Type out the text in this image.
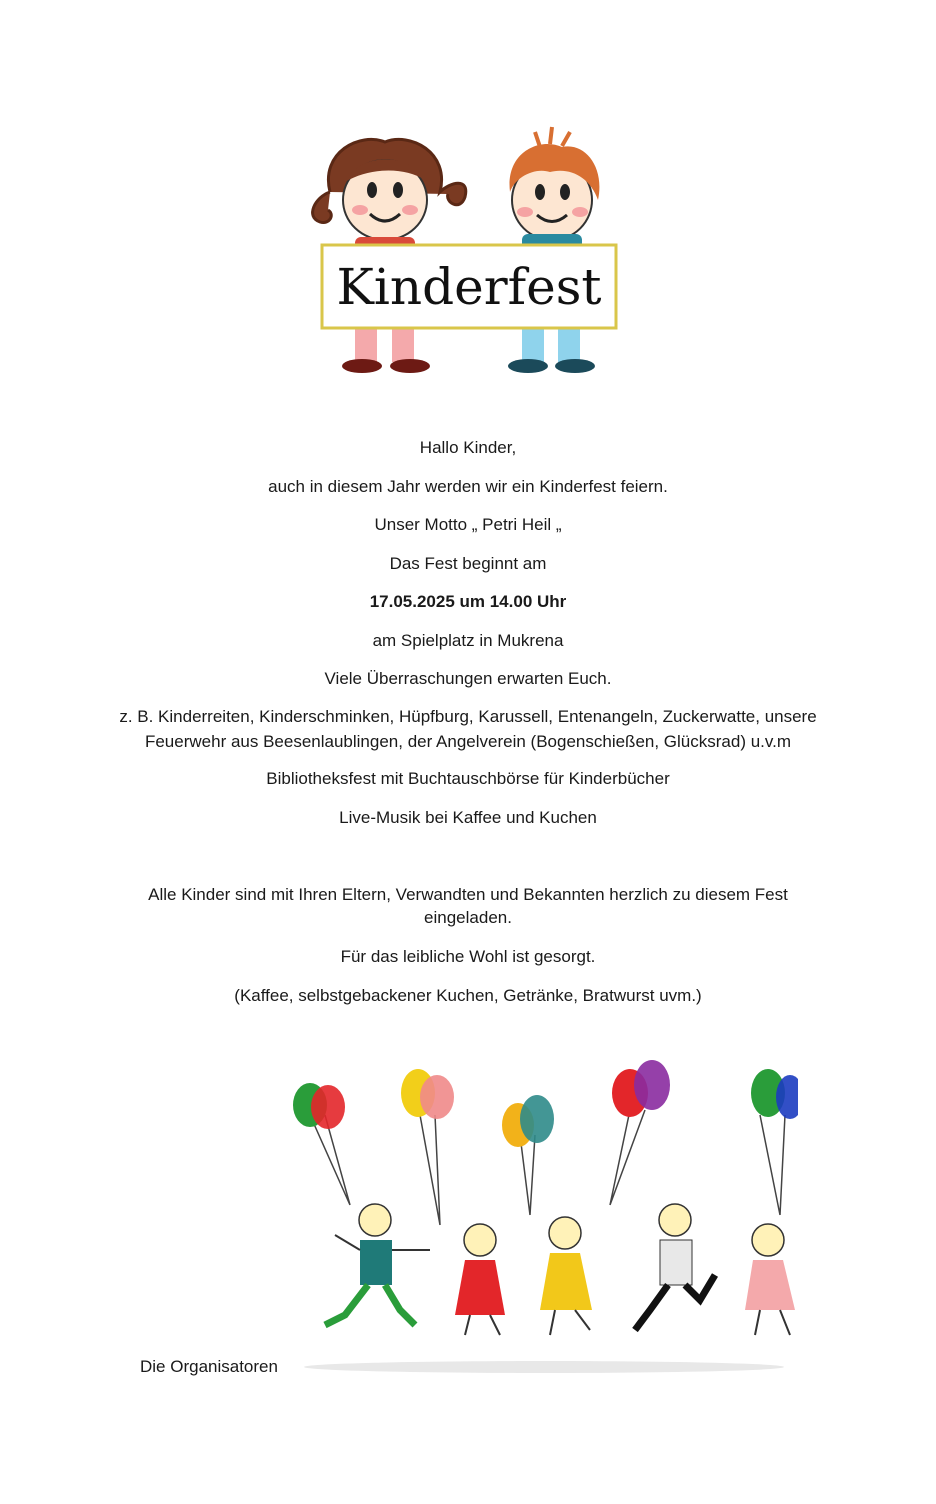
Kinderfest
Hallo Kinder,
auch in diesem Jahr werden wir ein Kinderfest feiern.
Unser Motto „ Petri Heil „
Das Fest beginnt am
17.05.2025 um 14.00 Uhr
am Spielplatz in Mukrena
Viele Überraschungen erwarten Euch.
z. B. Kinderreiten, Kinderschminken, Hüpfburg, Karussell, Entenangeln, Zuckerwatte, unsere
Feuerwehr aus Beesenlaublingen, der Angelverein (Bogenschießen, Glücksrad) u.v.m
Bibliotheksfest mit Buchtauschbörse für Kinderbücher
Live-Musik bei Kaffee und Kuchen
Alle Kinder sind mit Ihren Eltern, Verwandten und Bekannten herzlich zu diesem Fest
eingeladen.
Für das leibliche Wohl ist gesorgt.
(Kaffee, selbstgebackener Kuchen, Getränke, Bratwurst uvm.)
Die Organisatoren
